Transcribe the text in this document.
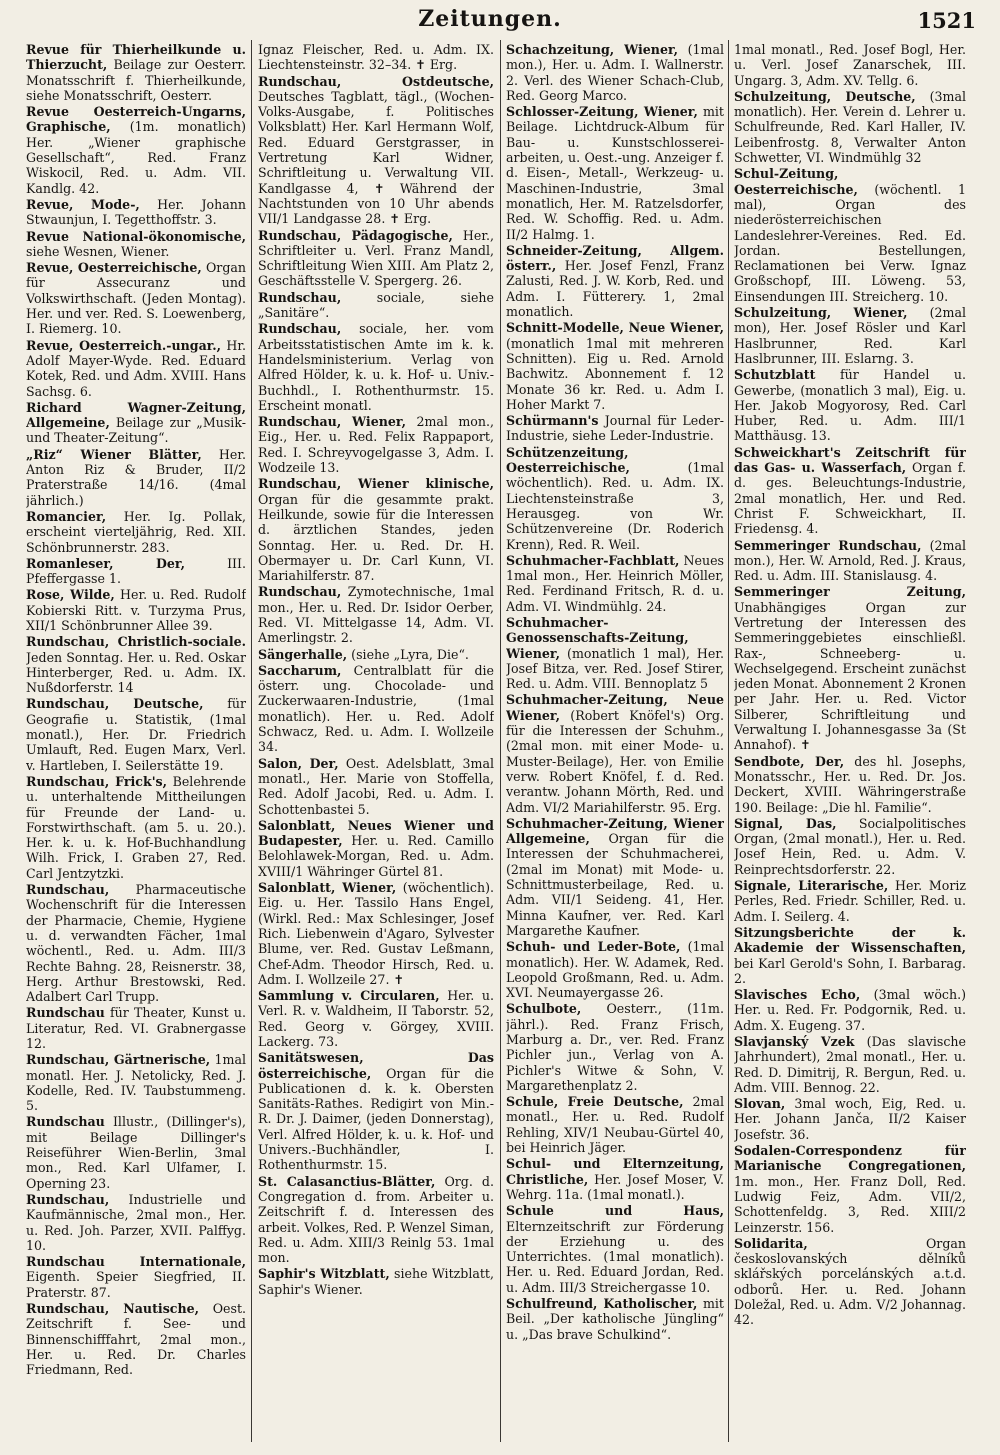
Zeitungen.	1521

Revue für Thierheilkunde u. Thierzucht, Beilage zur Oesterr. Monatsschrift f. Thierheilkunde, siehe Monatsschrift, Oesterr.

Revue Oesterreich-Ungarns, Graphische, (1m. monatlich) Her. „Wiener graphische Gesellschaft“, Red. Franz Wiskocil, Red. u. Adm. VII. Kandlg. 42.

Revue, Mode-, Her. Johann Stwaunjun, I. Tegetthoffstr. 3.

Revue National-ökonomische, siehe Wesnen, Wiener.

Revue, Oesterreichische, Organ für Assecuranz und Volkswirthschaft. (Jeden Montag). Her. und ver. Red. S. Loewenberg, I. Riemerg. 10.

Revue, Oesterreich.-ungar., Hr. Adolf Mayer-Wyde. Red. Eduard Kotek, Red. und Adm. XVIII. Hans Sachsg. 6.

Richard Wagner-Zeitung, Allgemeine, Beilage zur „Musik- und Theater-Zeitung“.

„Riz“ Wiener Blätter, Her. Anton Riz & Bruder, II/2 Praterstraße 14/16. (4mal jährlich.)

Romancier, Her. Ig. Pollak, erscheint vierteljährig, Red. XII. Schönbrunnerstr. 283.

Romanleser, Der, III. Pfeffergasse 1.

Rose, Wilde, Her. u. Red. Rudolf Kobierski Ritt. v. Turzyma Prus, XII/1 Schönbrunner Allee 39.

Rundschau, Christlich-sociale. Jeden Sonntag. Her. u. Red. Oskar Hinterberger, Red. u. Adm. IX. Nußdorferstr. 14

Rundschau, Deutsche, für Geografie u. Statistik, (1mal monatl.), Her. Dr. Friedrich Umlauft, Red. Eugen Marx, Verl. v. Hartleben, I. Seilerstätte 19.

Rundschau, Frick's, Belehrende u. unterhaltende Mittheilungen für Freunde der Land- u. Forstwirthschaft. (am 5. u. 20.). Her. k. u. k. Hof-Buchhandlung Wilh. Frick, I. Graben 27, Red. Carl Jentzytzki.

Rundschau, Pharmaceutische Wochenschrift für die Interessen der Pharmacie, Chemie, Hygiene u. d. verwandten Fächer, 1mal wöchentl., Red. u. Adm. III/3 Rechte Bahng. 28, Reisnerstr. 38, Herg. Arthur Brestowski, Red. Adalbert Carl Trupp.

Rundschau für Theater, Kunst u. Literatur, Red. VI. Grabnergasse 12.

Rundschau, Gärtnerische, 1mal monatl. Her. J. Netolicky, Red. J. Kodelle, Red. IV. Taubstummeng. 5.

Rundschau Illustr., (Dillinger's), mit Beilage Dillinger's Reiseführer Wien-Berlin, 3mal mon., Red. Karl Ulfamer, I. Operning 23.

Rundschau, Industrielle und Kaufmännische, 2mal mon., Her. u. Red. Joh. Parzer, XVII. Palffyg. 10.

Rundschau Internationale, Eigenth. Speier Siegfried, II. Praterstr. 87.

Rundschau, Nautische, Oest. Zeitschrift f. See- und Binnenschifffahrt, 2mal mon., Her. u. Red. Dr. Charles Friedmann, Red.

Ignaz Fleischer, Red. u. Adm. IX. Liechtensteinstr. 32–34. ✝ Erg.

Rundschau, Ostdeutsche, Deutsches Tagblatt, tägl., (Wochen-Volks-Ausgabe, f. Politisches Volksblatt) Her. Karl Hermann Wolf, Red. Eduard Gerstgrasser, in Vertretung Karl Widner, Schriftleitung u. Verwaltung VII. Kandlgasse 4, ✝ Während der Nachtstunden von 10 Uhr abends VII/1 Landgasse 28. ✝ Erg.

Rundschau, Pädagogische, Her., Schriftleiter u. Verl. Franz Mandl, Schriftleitung Wien XIII. Am Platz 2, Geschäftsstelle V. Spergerg. 26.

Rundschau, sociale, siehe „Sanitäre“.

Rundschau, sociale, her. vom Arbeitsstatistischen Amte im k. k. Handelsministerium. Verlag von Alfred Hölder, k. u. k. Hof- u. Univ.-Buchhdl., I. Rothenthurmstr. 15. Erscheint monatl.

Rundschau, Wiener, 2mal mon., Eig., Her. u. Red. Felix Rappaport, Red. I. Schreyvogelgasse 3, Adm. I. Wodzeile 13.

Rundschau, Wiener klinische, Organ für die gesammte prakt. Heilkunde, sowie für die Interessen d. ärztlichen Standes, jeden Sonntag. Her. u. Red. Dr. H. Obermayer u. Dr. Carl Kunn, VI. Mariahilferstr. 87.

Rundschau, Zymotechnische, 1mal mon., Her. u. Red. Dr. Isidor Oerber, Red. VI. Mittelgasse 14, Adm. VI. Amerlingstr. 2.

Sängerhalle, (siehe „Lyra, Die“.

Saccharum, Centralblatt für die österr. ung. Chocolade- und Zuckerwaaren-Industrie, (1mal monatlich). Her. u. Red. Adolf Schwacz, Red. u. Adm. I. Wollzeile 34.

Salon, Der, Oest. Adelsblatt, 3mal monatl., Her. Marie von Stoffella, Red. Adolf Jacobi, Red. u. Adm. I. Schottenbastei 5.

Salonblatt, Neues Wiener und Budapester, Her. u. Red. Camillo Belohlawek-Morgan, Red. u. Adm. XVIII/1 Währinger Gürtel 81.

Salonblatt, Wiener, (wöchentlich). Eig. u. Her. Tassilo Hans Engel, (Wirkl. Red.: Max Schlesinger, Josef Rich. Liebenwein d'Agaro, Sylvester Blume, ver. Red. Gustav Leßmann, Chef-Adm. Theodor Hirsch, Red. u. Adm. I. Wollzeile 27. ✝

Sammlung v. Circularen, Her. u. Verl. R. v. Waldheim, II Taborstr. 52, Red. Georg v. Görgey, XVIII. Lackerg. 73.

Sanitätswesen, Das österreichische, Organ für die Publicationen d. k. k. Obersten Sanitäts-Rathes. Redigirt von Min.-R. Dr. J. Daimer, (jeden Donnerstag), Verl. Alfred Hölder, k. u. k. Hof- und Univers.-Buchhändler, I. Rothenthurmstr. 15.

St. Calasanctius-Blätter, Org. d. Congregation d. from. Arbeiter u. Zeitschrift f. d. Interessen des arbeit. Volkes, Red. P. Wenzel Siman, Red. u. Adm. XIII/3 Reinlg 53. 1mal mon.

Saphir's Witzblatt, siehe Witzblatt, Saphir's Wiener.

Schachzeitung, Wiener, (1mal mon.), Her. u. Adm. I. Wallnerstr. 2. Verl. des Wiener Schach-Club, Red. Georg Marco.

Schlosser-Zeitung, Wiener, mit Beilage. Lichtdruck-Album für Bau- u. Kunstschlosserei-arbeiten, u. Oest.-ung. Anzeiger f. d. Eisen-, Metall-, Werkzeug- u. Maschinen-Industrie, 3mal monatlich, Her. M. Ratzelsdorfer, Red. W. Schoffig. Red. u. Adm. II/2 Halmg. 1.

Schneider-Zeitung, Allgem. österr., Her. Josef Fenzl, Franz Zalusti, Red. J. W. Korb, Red. und Adm. I. Fütterery. 1, 2mal monatlich.

Schnitt-Modelle, Neue Wiener, (monatlich 1mal mit mehreren Schnitten). Eig u. Red. Arnold Bachwitz. Abonnement f. 12 Monate 36 kr. Red. u. Adm I. Hoher Markt 7.

Schürmann's Journal für Leder-Industrie, siehe Leder-Industrie.

Schützenzeitung, Oesterreichische, (1mal wöchentlich). Red. u. Adm. IX. Liechtensteinstraße 3, Herausgeg. von Wr. Schützenvereine (Dr. Roderich Krenn), Red. R. Weil.

Schuhmacher-Fachblatt, Neues 1mal mon., Her. Heinrich Möller, Red. Ferdinand Fritsch, R. d. u. Adm. VI. Windmühlg. 24.

Schuhmacher-Genossenschafts-Zeitung, Wiener, (monatlich 1 mal), Her. Josef Bitza, ver. Red. Josef Stirer, Red. u. Adm. VIII. Bennoplatz 5

Schuhmacher-Zeitung, Neue Wiener, (Robert Knöfel's) Org. für die Interessen der Schuhm., (2mal mon. mit einer Mode- u. Muster-Beilage), Her. von Emilie verw. Robert Knöfel, f. d. Red. verantw. Johann Mörth, Red. und Adm. VI/2 Mariahilferstr. 95. Erg.

Schuhmacher-Zeitung, Wiener Allgemeine, Organ für die Interessen der Schuhmacherei, (2mal im Monat) mit Mode- u. Schnittmusterbeilage, Red. u. Adm. VII/1 Seideng. 41, Her. Minna Kaufner, ver. Red. Karl Margarethe Kaufner.

Schuh- und Leder-Bote, (1mal monatlich). Her. W. Adamek, Red. Leopold Großmann, Red. u. Adm. XVI. Neumayergasse 26.

Schulbote, Oesterr., (11m. jährl.). Red. Franz Frisch, Marburg a. Dr., ver. Red. Franz Pichler jun., Verlag von A. Pichler's Witwe & Sohn, V. Margarethenplatz 2.

Schule, Freie Deutsche, 2mal monatl., Her. u. Red. Rudolf Rehling, XIV/1 Neubau-Gürtel 40, bei Heinrich Jäger.

Schul- und Elternzeitung, Christliche, Her. Josef Moser, V. Wehrg. 11a. (1mal monatl.).

Schule und Haus, Elternzeitschrift zur Förderung der Erziehung u. des Unterrichtes. (1mal monatlich). Her. u. Red. Eduard Jordan, Red. u. Adm. III/3 Streichergasse 10.

Schulfreund, Katholischer, mit Beil. „Der katholische Jüngling“ u. „Das brave Schulkind“.

1mal monatl., Red. Josef Bogl, Her. u. Verl. Josef Zanarschek, III. Ungarg. 3, Adm. XV. Tellg. 6.

Schulzeitung, Deutsche, (3mal monatlich). Her. Verein d. Lehrer u. Schulfreunde, Red. Karl Haller, IV. Leibenfrostg. 8, Verwalter Anton Schwetter, VI. Windmühlg 32

Schul-Zeitung, Oesterreichische, (wöchentl. 1 mal), Organ des niederösterreichischen Landeslehrer-Vereines. Red. Ed. Jordan. Bestellungen, Reclamationen bei Verw. Ignaz Großschopf, III. Löweng. 53, Einsendungen III. Streicherg. 10.

Schulzeitung, Wiener, (2mal mon), Her. Josef Rösler und Karl Haslbrunner, Red. Karl Haslbrunner, III. Eslarng. 3.

Schutzblatt für Handel u. Gewerbe, (monatlich 3 mal), Eig. u. Her. Jakob Mogyorosy, Red. Carl Huber, Red. u. Adm. III/1 Matthäusg. 13.

Schweickhart's Zeitschrift für das Gas- u. Wasserfach, Organ f. d. ges. Beleuchtungs-Industrie, 2mal monatlich, Her. und Red. Christ F. Schweickhart, II. Friedensg. 4.

Semmeringer Rundschau, (2mal mon.), Her. W. Arnold, Red. J. Kraus, Red. u. Adm. III. Stanislausg. 4.

Semmeringer Zeitung, Unabhängiges Organ zur Vertretung der Interessen des Semmeringgebietes einschließl. Rax-, Schneeberg- u. Wechselgegend. Erscheint zunächst jeden Monat. Abonnement 2 Kronen per Jahr. Her. u. Red. Victor Silberer, Schriftleitung und Verwaltung I. Johannesgasse 3a (St Annahof). ✝

Sendbote, Der, des hl. Josephs, Monatsschr., Her. u. Red. Dr. Jos. Deckert, XVIII. Währingerstraße 190. Beilage: „Die hl. Familie“.

Signal, Das, Socialpolitisches Organ, (2mal monatl.), Her. u. Red. Josef Hein, Red. u. Adm. V. Reinprechtsdorferstr. 22.

Signale, Literarische, Her. Moriz Perles, Red. Friedr. Schiller, Red. u. Adm. I. Seilerg. 4.

Sitzungsberichte der k. Akademie der Wissenschaften, bei Karl Gerold's Sohn, I. Barbarag. 2.

Slavisches Echo, (3mal wöch.) Her. u. Red. Fr. Podgornik, Red. u. Adm. X. Eugeng. 37.

Slavjanský Vzek (Das slavische Jahrhundert), 2mal monatl., Her. u. Red. D. Dimitrij, R. Bergun, Red. u. Adm. VIII. Bennog. 22.

Slovan, 3mal woch, Eig, Red. u. Her. Johann Janča, II/2 Kaiser Josefstr. 36.

Sodalen-Correspondenz für Marianische Congregationen, 1m. mon., Her. Franz Doll, Red. Ludwig Feiz, Adm. VII/2, Schottenfeldg. 3, Red. XIII/2 Leinzerstr. 156.

Solidarita, Organ českoslovanských dělníků sklářských porcelánských a.t.d. odborů. Her. u. Red. Johann Doležal, Red. u. Adm. V/2 Johannag. 42.
